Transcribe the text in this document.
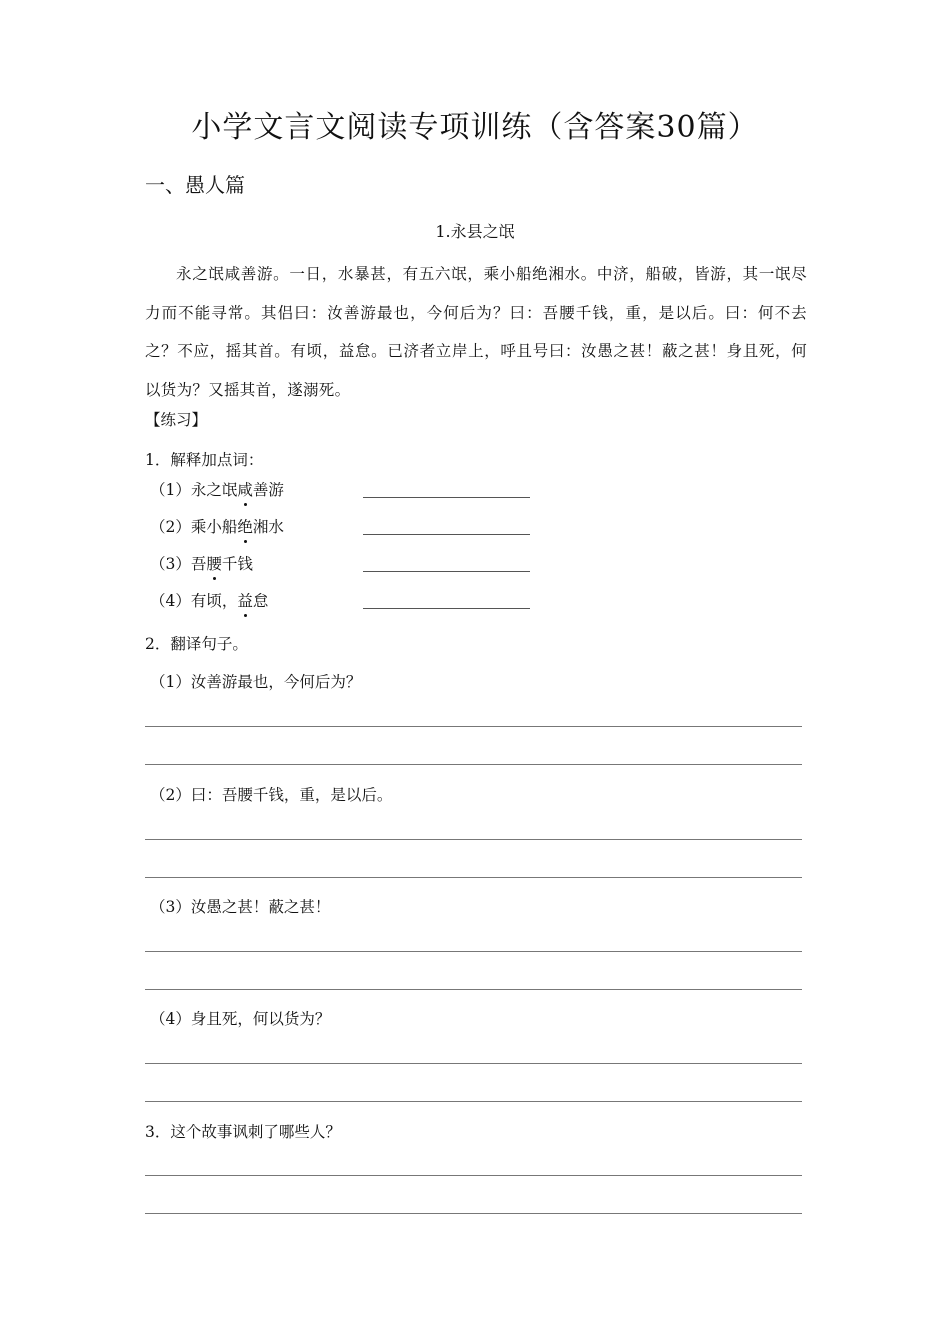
小学文言文阅读专项训练（含答案30篇）
一、愚人篇
1.永县之氓
永之氓咸善游。一日，水暴甚，有五六氓，乘小船绝湘水。中济，船破，皆游，其一氓尽力而不能寻常。其侣曰：汝善游最也，今何后为？曰：吾腰千钱，重，是以后。曰：何不去之？不应，摇其首。有顷，益怠。已济者立岸上，呼且号曰：汝愚之甚！蔽之甚！身且死，何以货为？又摇其首，遂溺死。
【练习】
1．解释加点词：
（1）永之氓咸善游
（2）乘小船绝湘水
（3）吾腰千钱
（4）有顷，益怠
2．翻译句子。
（1）汝善游最也，今何后为？
（2）曰：吾腰千钱，重，是以后。
（3）汝愚之甚！蔽之甚！
（4）身且死，何以货为？
3．这个故事讽刺了哪些人？
